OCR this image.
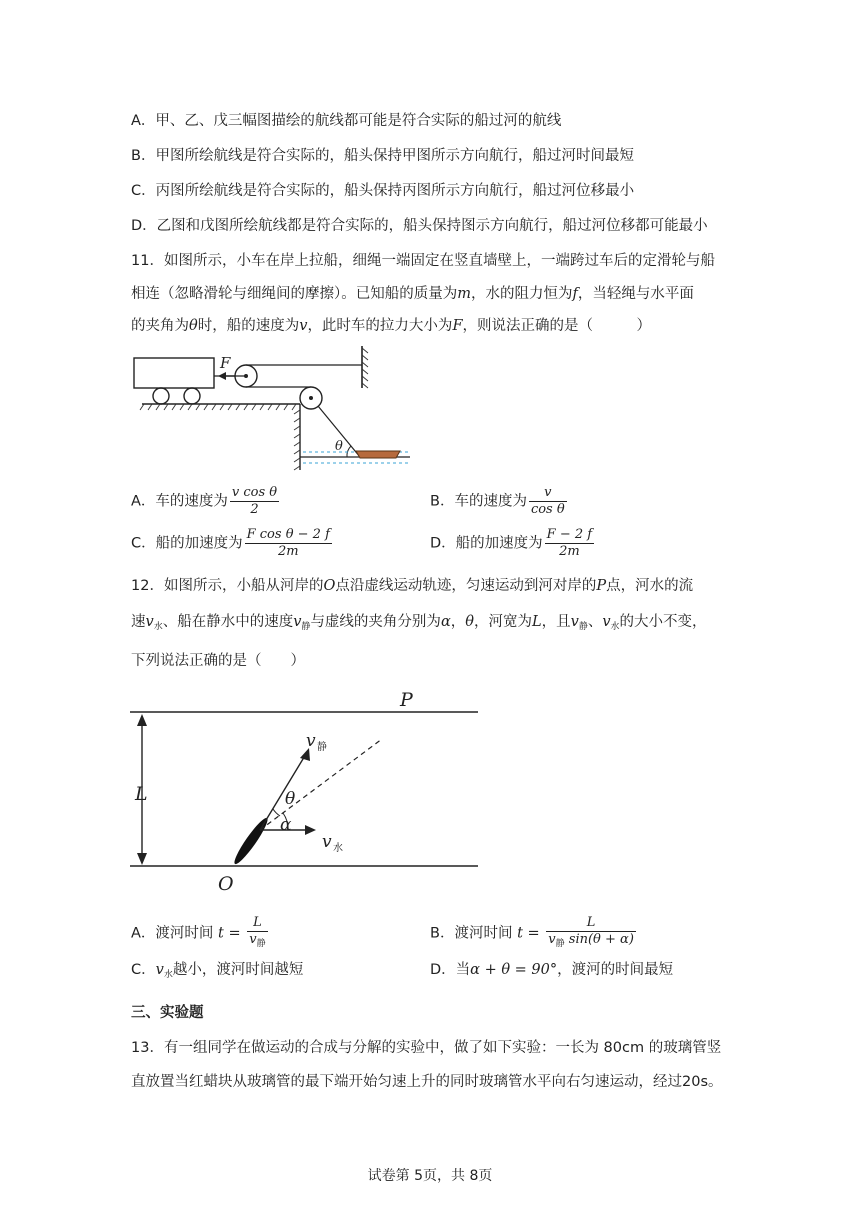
A．甲、乙、戊三幅图描绘的航线都可能是符合实际的船过河的航线
B．甲图所绘航线是符合实际的，船头保持甲图所示方向航行，船过河时间最短
C．丙图所绘航线是符合实际的，船头保持丙图所示方向航行，船过河位移最小
D．乙图和戊图所绘航线都是符合实际的，船头保持图示方向航行，船过河位移都可能最小
11．如图所示，小车在岸上拉船，细绳一端固定在竖直墙壁上，一端跨过车后的定滑轮与船
相连（忽略滑轮与细绳间的摩擦）。已知船的质量为m，水的阻力恒为f，当轻绳与水平面
的夹角为θ时，船的速度为v，此时车的拉力大小为F，则说法正确的是（　　　）
F
θ
A．车的速度为 $\frac{\text{v cos θ}}{2}$	B．车的速度为 $\frac{v}{\text{cos θ}}$
C．船的加速度为 $\frac{\text{F cos θ − 2 f}}{2m}$	D．船的加速度为 $\frac{F - 2 f}{2m}$
12．如图所示，小船从河岸的O点沿虚线运动轨迹，匀速运动到河对岸的P点，河水的流
速$v_水$、船在静水中的速度$v_静$与虚线的夹角分别为α，θ，河宽为L，且$v_静$、$v_水$的大小不变，
下列说法正确的是（　　）
P
L
v 静
v 水
θ
α
O
A．渡河时间 $t = \frac{L}{v_静}$	B．渡河时间 $t = \frac{L}{v_静 \sin(\theta + \alpha)}$
C．$v_水$越小，渡河时间越短	D．当α + θ = 90°，渡河的时间最短
三、实验题
13．有一组同学在做运动的合成与分解的实验中，做了如下实验：一长为 80cm 的玻璃管竖
直放置当红蜡块从玻璃管的最下端开始匀速上升的同时玻璃管水平向右匀速运动，经过20s。
试卷第 5页，共 8页
